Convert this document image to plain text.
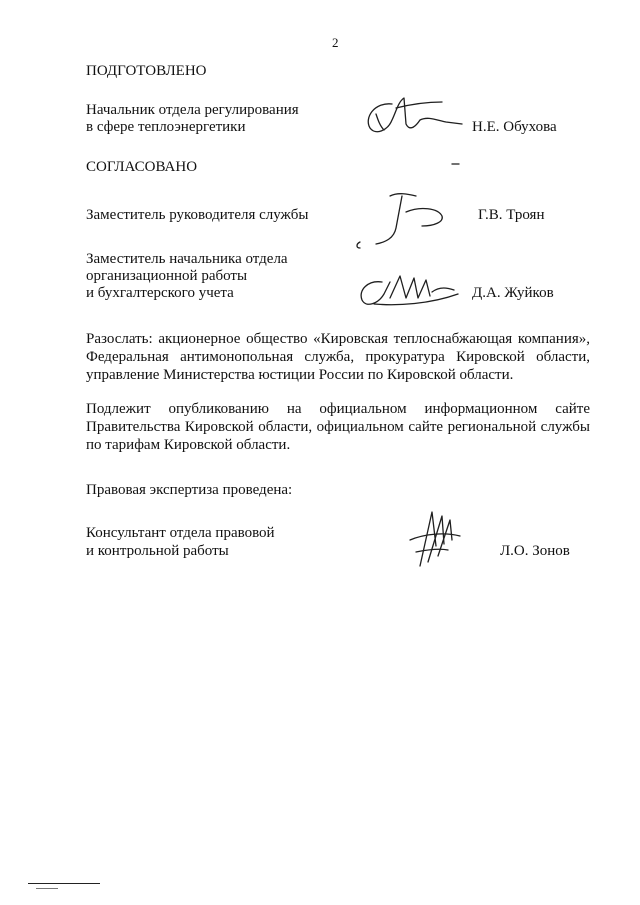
2
ПОДГОТОВЛЕНО
Начальник отдела регулирования
в сфере теплоэнергетики	Н.Е. Обухова
СОГЛАСОВАНО
Заместитель руководителя службы	Г.В. Троян
Заместитель начальника отдела
организационной работы
и бухгалтерского учета	Д.А. Жуйков
Разослать: акционерное общество «Кировская теплоснабжающая компания», Федеральная антимонопольная служба, прокуратура Кировской области, управление Министерства юстиции России по Кировской области.
Подлежит опубликованию на официальном информационном сайте Правительства Кировской области, официальном сайте региональной службы по тарифам Кировской области.
Правовая экспертиза проведена:
Консультант отдела правовой
и контрольной работы	Л.О. Зонов
